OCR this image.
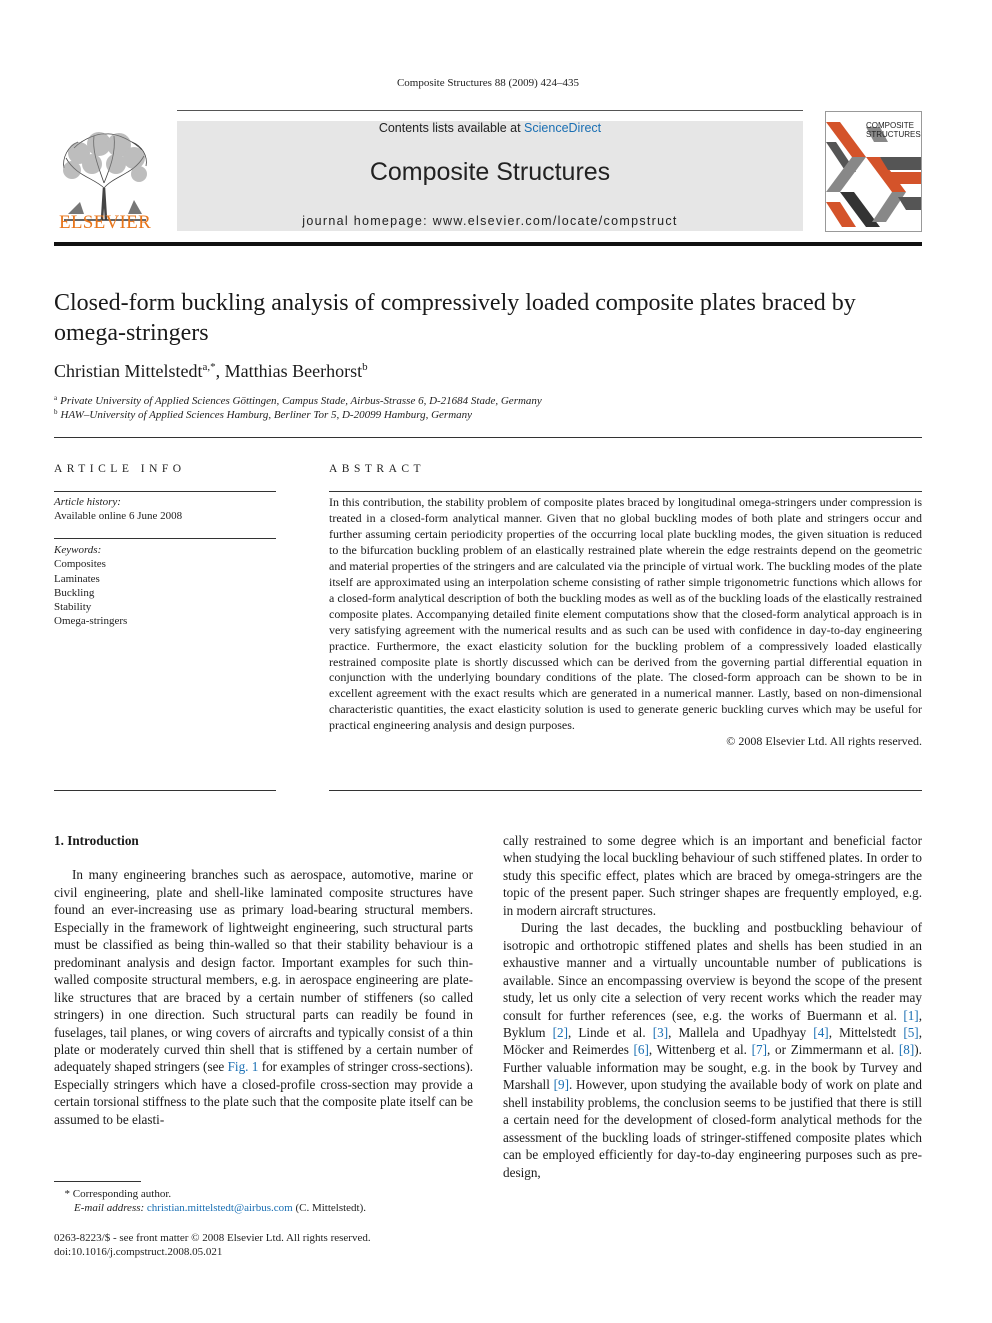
Composite Structures 88 (2009) 424–435
ELSEVIER
Contents lists available at ScienceDirect
Composite Structures
journal homepage: www.elsevier.com/locate/compstruct
COMPOSITE
STRUCTURES
Closed-form buckling analysis of compressively loaded composite plates braced by omega-stringers
Christian Mittelstedt$^{a,*}$, Matthias Beerhorst$^b$
$^a$ Private University of Applied Sciences Göttingen, Campus Stade, Airbus-Strasse 6, D-21684 Stade, Germany
$^b$ HAW–University of Applied Sciences Hamburg, Berliner Tor 5, D-20099 Hamburg, Germany
ARTICLE INFO
Article history:
Available online 6 June 2008
Keywords:
Composites
Laminates
Buckling
Stability
Omega-stringers
ABSTRACT
In this contribution, the stability problem of composite plates braced by longitudinal omega-stringers under compression is treated in a closed-form analytical manner. Given that no global buckling modes of both plate and stringers occur and further assuming certain periodicity properties of the occurring local plate buckling modes, the given situation is reduced to the bifurcation buckling problem of an elastically restrained plate wherein the edge restraints depend on the geometric and material properties of the stringers and are calculated via the principle of virtual work. The buckling modes of the plate itself are approximated using an interpolation scheme consisting of rather simple trigonometric functions which allows for a closed-form analytical description of both the buckling modes as well as of the buckling loads of the elastically restrained composite plates. Accompanying detailed finite element computations show that the closed-form analytical approach is in very satisfying agreement with the numerical results and as such can be used with confidence in day-to-day engineering practice. Furthermore, the exact elasticity solution for the buckling problem of a compressively loaded elastically restrained composite plate is shortly discussed which can be derived from the governing partial differential equation in conjunction with the underlying boundary conditions of the plate. The closed-form approach can be shown to be in excellent agreement with the exact results which are generated in a numerical manner. Lastly, based on non-dimensional characteristic quantities, the exact elasticity solution is used to generate generic buckling curves which may be useful for practical engineering analysis and design purposes.
© 2008 Elsevier Ltd. All rights reserved.
1. Introduction

In many engineering branches such as aerospace, automotive, marine or civil engineering, plate and shell-like laminated composite structures have found an ever-increasing use as primary load-bearing structural members. Especially in the framework of lightweight engineering, such structural parts must be classified as being thin-walled so that their stability behaviour is a predominant analysis and design factor. Important examples for such thin-walled composite structural members, e.g. in aerospace engineering are plate-like structures that are braced by a certain number of stiffeners (so called stringers) in one direction. Such structural parts can readily be found in fuselages, tail planes, or wing covers of aircrafts and typically consist of a thin plate or moderately curved thin shell that is stiffened by a certain number of adequately shaped stringers (see Fig. 1 for examples of stringer cross-sections). Especially stringers which have a closed-profile cross-section may provide a certain torsional stiffness to the plate such that the composite plate itself can be assumed to be elasti-

cally restrained to some degree which is an important and beneficial factor when studying the local buckling behaviour of such stiffened plates. In order to study this specific effect, plates which are braced by omega-stringers are the topic of the present paper. Such stringer shapes are frequently employed, e.g. in modern aircraft structures.

During the last decades, the buckling and postbuckling behaviour of isotropic and orthotropic stiffened plates and shells has been studied in an exhaustive manner and a virtually uncountable number of publications is available. Since an encompassing overview is beyond the scope of the present study, let us only cite a selection of very recent works which the reader may consult for further references (see, e.g. the works of Buermann et al. [1], Byklum [2], Linde et al. [3], Mallela and Upadhyay [4], Mittelstedt [5], Möcker and Reimerdes [6], Wittenberg et al. [7], or Zimmermann et al. [8]). Further valuable information may be sought, e.g. in the book by Turvey and Marshall [9]. However, upon studying the available body of work on plate and shell instability problems, the conclusion seems to be justified that there is still a certain need for the development of closed-form analytical methods for the assessment of the buckling loads of stringer-stiffened composite plates which can be employed efficiently for day-to-day engineering purposes such as pre-design,

* Corresponding author.
E-mail address: christian.mittelstedt@airbus.com (C. Mittelstedt).
0263-8223/$ - see front matter © 2008 Elsevier Ltd. All rights reserved.
doi:10.1016/j.compstruct.2008.05.021
